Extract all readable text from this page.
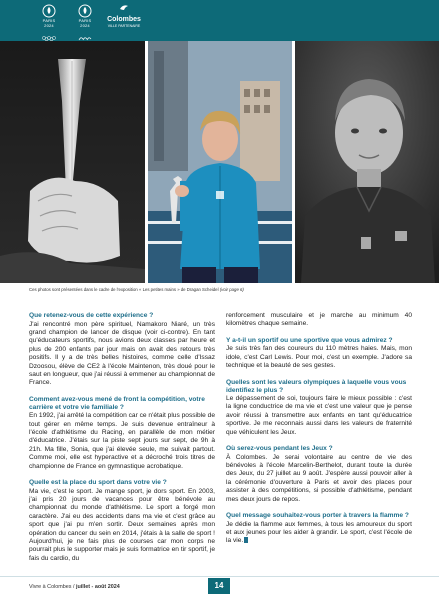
PARIS 2024
PARIS 2024
Colombes
VILLE PARTENAIRE
Ces photos sont présentées dans le cadre de l'exposition « Les petites mains » de Dragan Scheidel (voir page 6)
Que retenez-vous de cette expérience ?
J'ai rencontré mon père spirituel, Namakoro Niaré, un très grand champion de lancer de disque (voir ci-contre). En tant qu'éducateurs sportifs, nous avions deux classes par heure et plus de 200 enfants par jour mais on avait des retours très positifs. Il y a de très belles histoires, comme celle d'Issaz Dzoosou, élève de CE2 à l'école Maintenon, très doué pour le saut en longueur, que j'ai réussi à emmener au championnat de France.
Comment avez-vous mené de front la compétition, votre carrière et votre vie familiale ?
En 1992, j'ai arrêté la compétition car ce n'était plus possible de tout gérer en même temps. Je suis devenue entraîneur à l'école d'athlétisme du Racing, en parallèle de mon métier d'éducatrice. J'étais sur la piste sept jours sur sept, de 9h à 21h. Ma fille, Sonia, que j'ai élevée seule, me suivait partout. Comme moi, elle est hyperactive et a décroché trois titres de championne de France en gymnastique acrobatique.
Quelle est la place du sport dans votre vie ?
Ma vie, c'est le sport. Je mange sport, je dors sport. En 2003, j'ai pris 20 jours de vacances pour être bénévole au championnat du monde d'athlétisme. Le sport a forgé mon caractère. J'ai eu des accidents dans ma vie et c'est grâce au sport que j'ai pu m'en sortir. Deux semaines après mon opération du cancer du sein en 2014, j'étais à la salle de sport ! Aujourd'hui, je ne fais plus de courses car mon corps ne pourrait plus le supporter mais je suis formatrice en tir sportif, je fais du cardio, du
renforcement musculaire et je marche au minimum 40 kilomètres chaque semaine.
Y a-t-il un sportif ou une sportive que vous admirez ?
Je suis très fan des coureurs du 110 mètres haies. Mais, mon idole, c'est Carl Lewis. Pour moi, c'est un exemple. J'adore sa technique et la beauté de ses gestes.
Quelles sont les valeurs olympiques à laquelle vous vous identifiez le plus ?
Le dépassement de soi, toujours faire le mieux possible : c'est la ligne conductrice de ma vie et c'est une valeur que je pense avoir réussi à transmettre aux enfants en tant qu'éducatrice sportive. Je me reconnais aussi dans les valeurs de fraternité que véhiculent les Jeux.
Où serez-vous pendant les Jeux ?
À Colombes. Je serai volontaire au centre de vie des bénévoles à l'école Marcelin-Berthelot, durant toute la durée des Jeux, du 27 juillet au 9 août. J'espère aussi pouvoir aller à la cérémonie d'ouverture à Paris et avoir des places pour assister à des compétitions, si possible d'athlétisme, pendant mes deux jours de repos.
Quel message souhaitez-vous porter à travers la flamme ?
Je dédie la flamme aux femmes, à tous les amoureux du sport et aux jeunes pour les aider à grandir. Le sport, c'est l'école de la vie.
Vivre à Colombes / juillet - août 2024	14
